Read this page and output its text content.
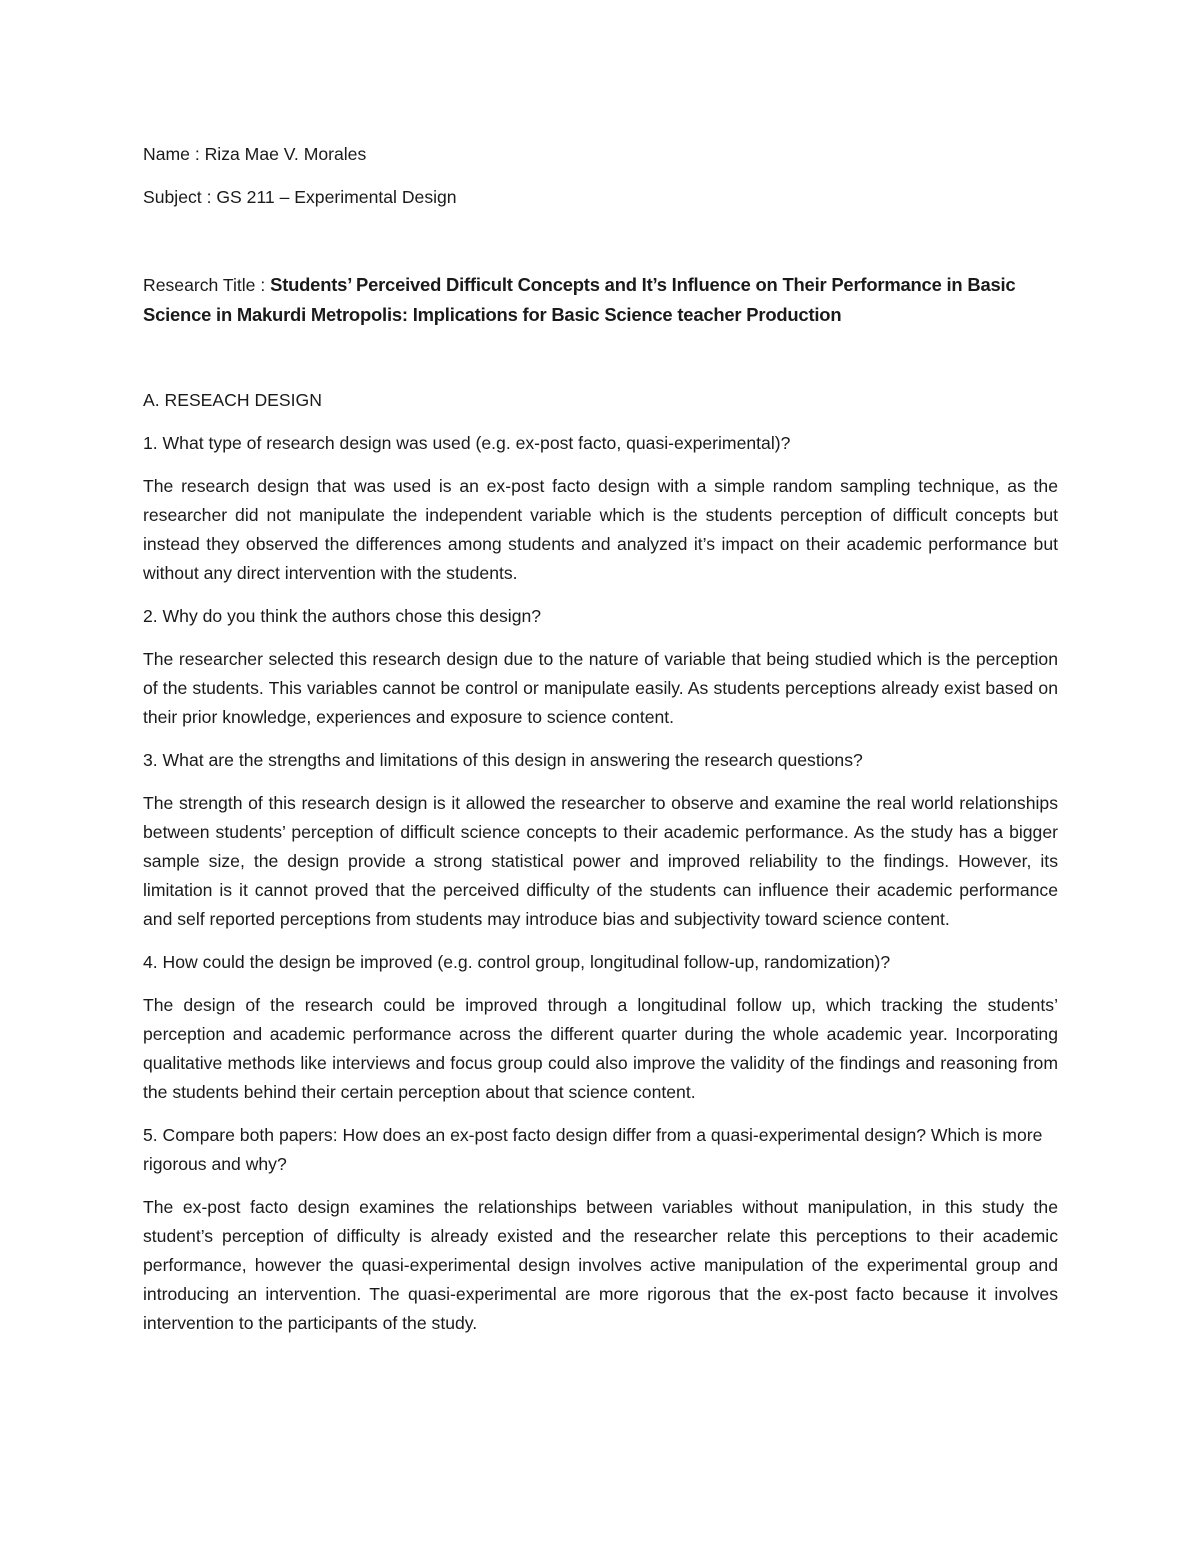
Name : Riza Mae V. Morales

Subject : GS 211 – Experimental Design

Research Title : Students’ Perceived Difficult Concepts and It’s Influence on Their Performance in Basic Science in Makurdi Metropolis: Implications for Basic Science teacher Production

A. RESEACH DESIGN

1. What type of research design was used (e.g. ex-post facto, quasi-experimental)?

The research design that was used is an ex-post facto design with a simple random sampling technique, as the researcher did not manipulate the independent variable which is the students perception of difficult concepts but instead they observed the differences among students and analyzed it’s impact on their academic performance but without any direct intervention with the students.

2. Why do you think the authors chose this design?

The researcher selected this research design due to the nature of variable that being studied which is the perception of the students. This variables cannot be control or manipulate easily. As students perceptions already exist based on their prior knowledge, experiences and exposure to science content.

3. What are the strengths and limitations of this design in answering the research questions?

The strength of this research design is it allowed the researcher to observe and examine the real world relationships between students’ perception of difficult science concepts to their academic performance. As the study has a bigger sample size, the design provide a strong statistical power and improved reliability to the findings. However, its limitation is it cannot proved that the perceived difficulty of the students can influence their academic performance and self reported perceptions from students may introduce bias and subjectivity toward science content.

4. How could the design be improved (e.g. control group, longitudinal follow-up, randomization)?

The design of the research could be improved through a longitudinal follow up, which tracking the students’ perception and academic performance across the different quarter during the whole academic year. Incorporating qualitative methods like interviews and focus group could also improve the validity of the findings and reasoning from the students behind their certain perception about that science content.

5. Compare both papers: How does an ex-post facto design differ from a quasi-experimental design? Which is more rigorous and why?

The ex-post facto design examines the relationships between variables without manipulation, in this study the student’s perception of difficulty is already existed and the researcher relate this perceptions to their academic performance, however the quasi-experimental design involves active manipulation of the experimental group and introducing an intervention. The quasi-experimental are more rigorous that the ex-post facto because it involves intervention to the participants of the study.
